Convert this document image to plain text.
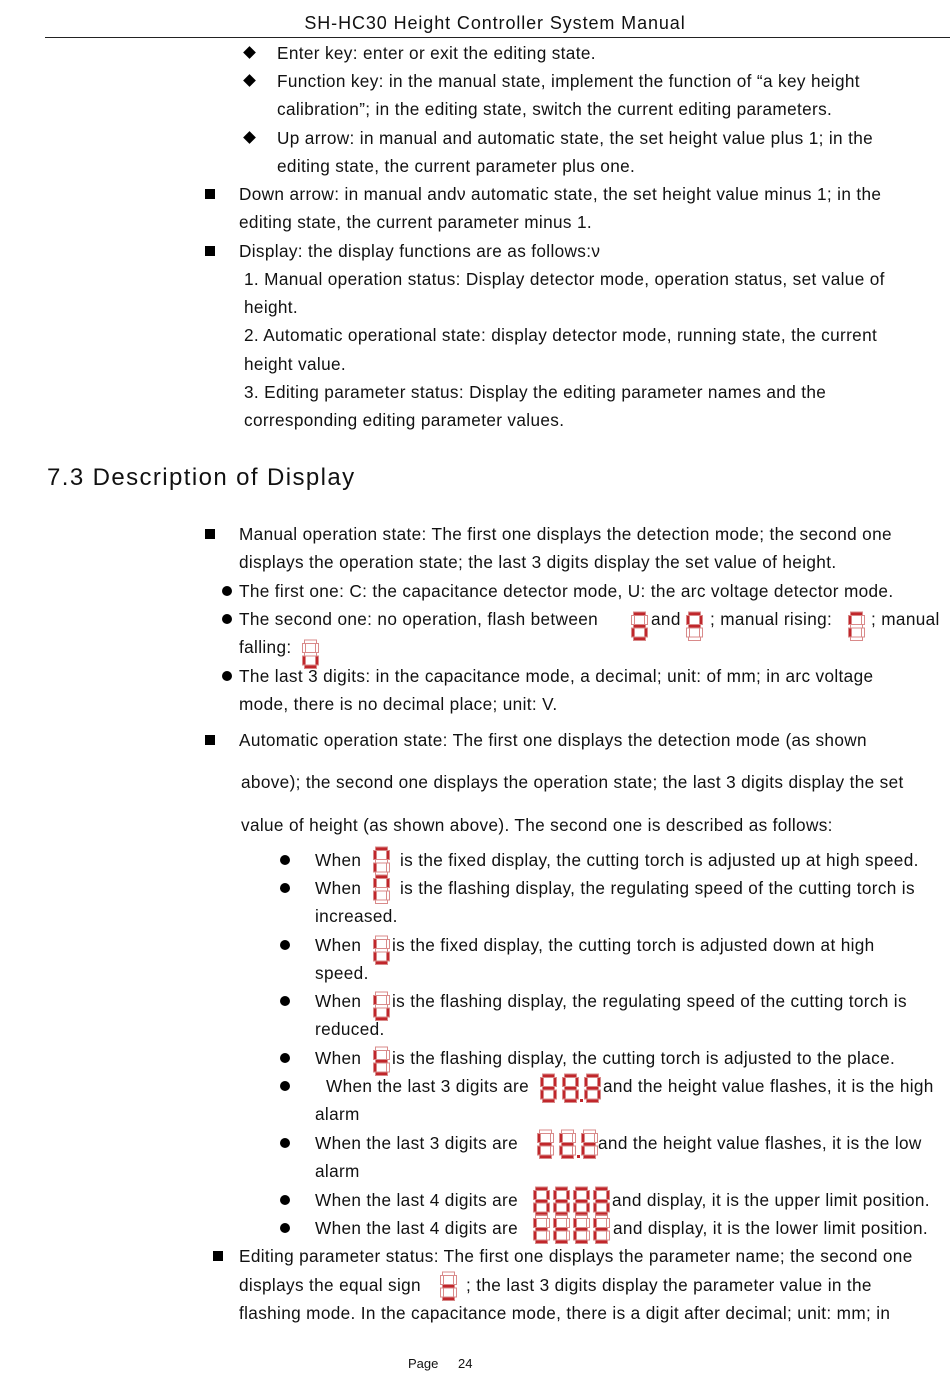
SH-HC30 Height Controller System Manual
Enter key: enter or exit the editing state.
Function key: in the manual state, implement the function of “a key height
calibration”; in the editing state, switch the current editing parameters.
Up arrow: in manual and automatic state, the set height value plus 1; in the
editing state, the current parameter plus one.
Down arrow: in manual andν automatic state, the set height value minus 1; in the
editing state, the current parameter minus 1.
Display: the display functions are as follows:ν
1. Manual operation status: Display detector mode, operation status, set value of
height.
2. Automatic operational state: display detector mode, running state, the current
height value.
3. Editing parameter status: Display the editing parameter names and the
corresponding editing parameter values.
7.3 Description of Display
Manual operation state: The first one displays the detection mode; the second one
displays the operation state; the last 3 digits display the set value of height.
The first one: C: the capacitance detector mode, U: the arc voltage detector mode.
The second one: no operation, flash between	and ; manual rising: ; manual
falling:
The last 3 digits: in the capacitance mode, a decimal; unit: of mm; in arc voltage
mode, there is no decimal place; unit: V.
Automatic operation state: The first one displays the detection mode (as shown
above); the second one displays the operation state; the last 3 digits display the set
value of height (as shown above). The second one is described as follows:
When is the fixed display, the cutting torch is adjusted up at high speed.
When is the flashing display, the regulating speed of the cutting torch is
increased.
When is the fixed display, the cutting torch is adjusted down at high
speed.
When is the flashing display, the regulating speed of the cutting torch is
reduced.
When is the flashing display, the cutting torch is adjusted to the place.
When the last 3 digits are	and the height value flashes, it is the high
alarm
When the last 3 digits are	and the height value flashes, it is the low
alarm
When the last 4 digits are	and display, it is the upper limit position.
When the last 4 digits are	and display, it is the lower limit position.
Editing parameter status: The first one displays the parameter name; the second one
displays the equal sign	; the last 3 digits display the parameter value in the
flashing mode. In the capacitance mode, there is a digit after decimal; unit: mm; in
Page 24
